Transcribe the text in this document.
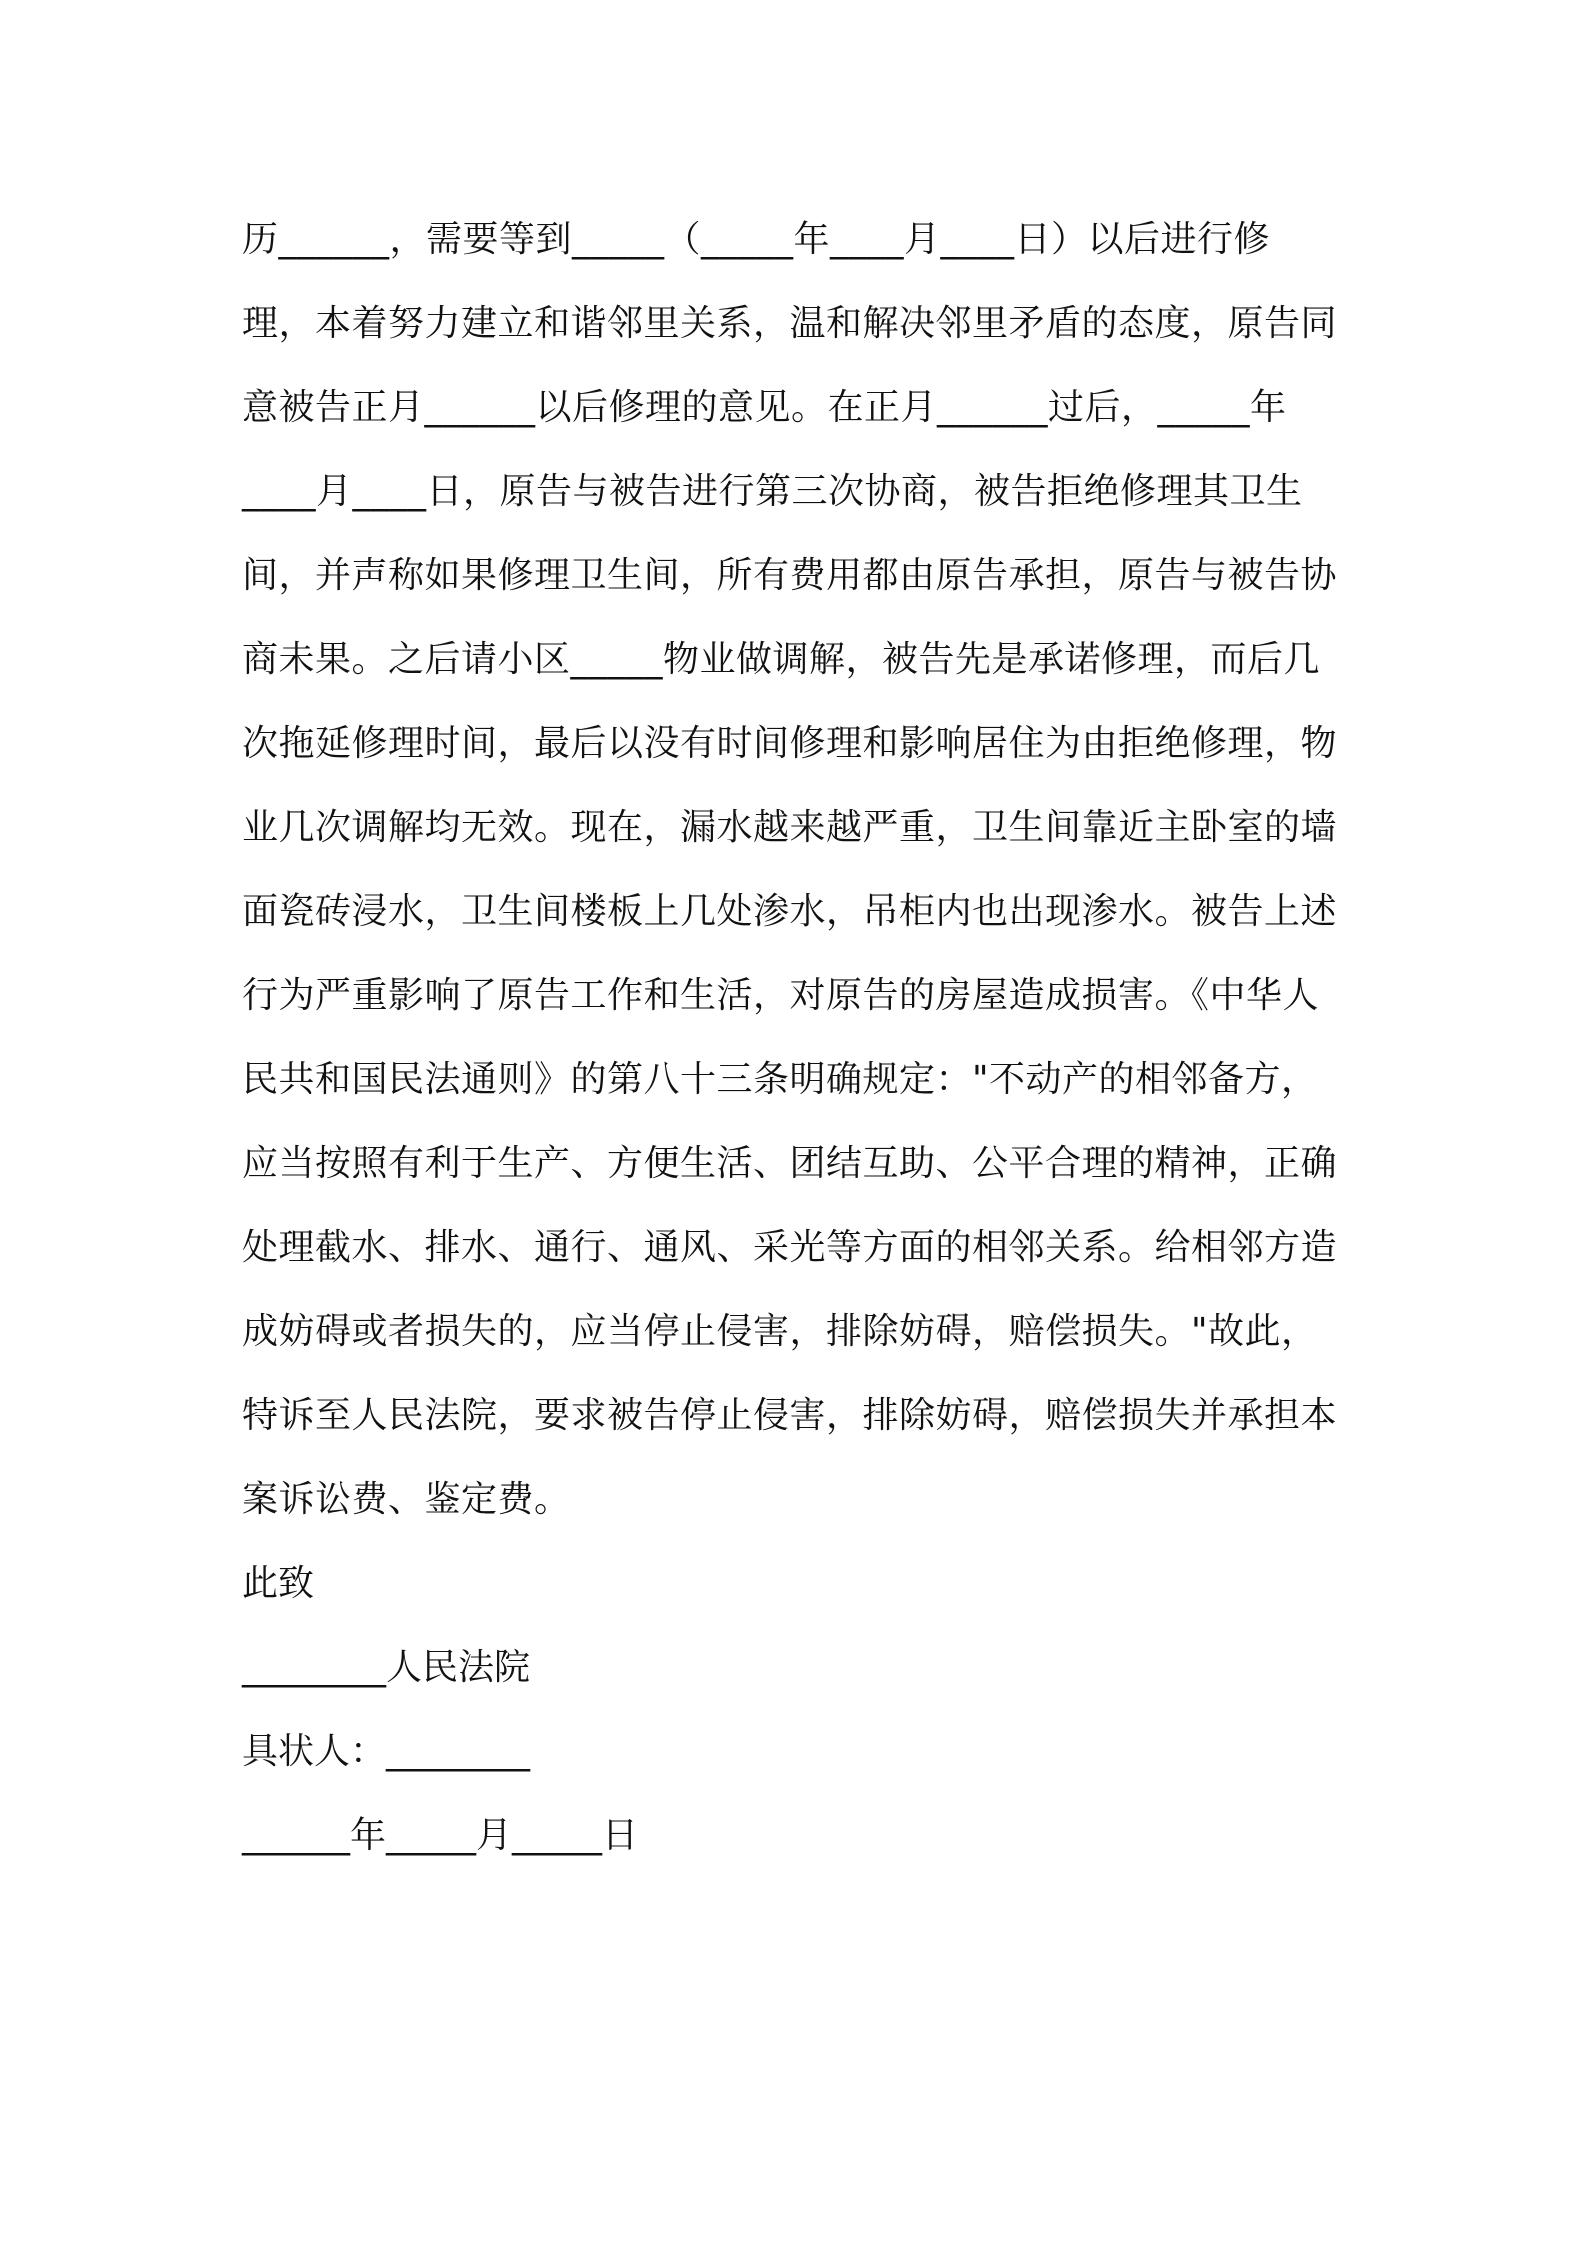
历______，需要等到_____（_____年____月____日）以后进行修
理，本着努力建立和谐邻里关系，温和解决邻里矛盾的态度，原告同
意被告正月______以后修理的意见。在正月______过后，_____年
____月____日，原告与被告进行第三次协商，被告拒绝修理其卫生
间，并声称如果修理卫生间，所有费用都由原告承担，原告与被告协
商未果。之后请小区_____物业做调解，被告先是承诺修理，而后几
次拖延修理时间，最后以没有时间修理和影响居住为由拒绝修理，物
业几次调解均无效。现在，漏水越来越严重，卫生间靠近主卧室的墙
面瓷砖浸水，卫生间楼板上几处渗水，吊柜内也出现渗水。被告上述
行为严重影响了原告工作和生活，对原告的房屋造成损害。《中华人
民共和国民法通则》的第八十三条明确规定："不动产的相邻备方，
应当按照有利于生产、方便生活、团结互助、公平合理的精神，正确
处理截水、排水、通行、通风、采光等方面的相邻关系。给相邻方造
成妨碍或者损失的，应当停止侵害，排除妨碍，赔偿损失。"故此，
特诉至人民法院，要求被告停止侵害，排除妨碍，赔偿损失并承担本
案诉讼费、鉴定费。
此致
________人民法院
具状人：________
______年_____月_____日
